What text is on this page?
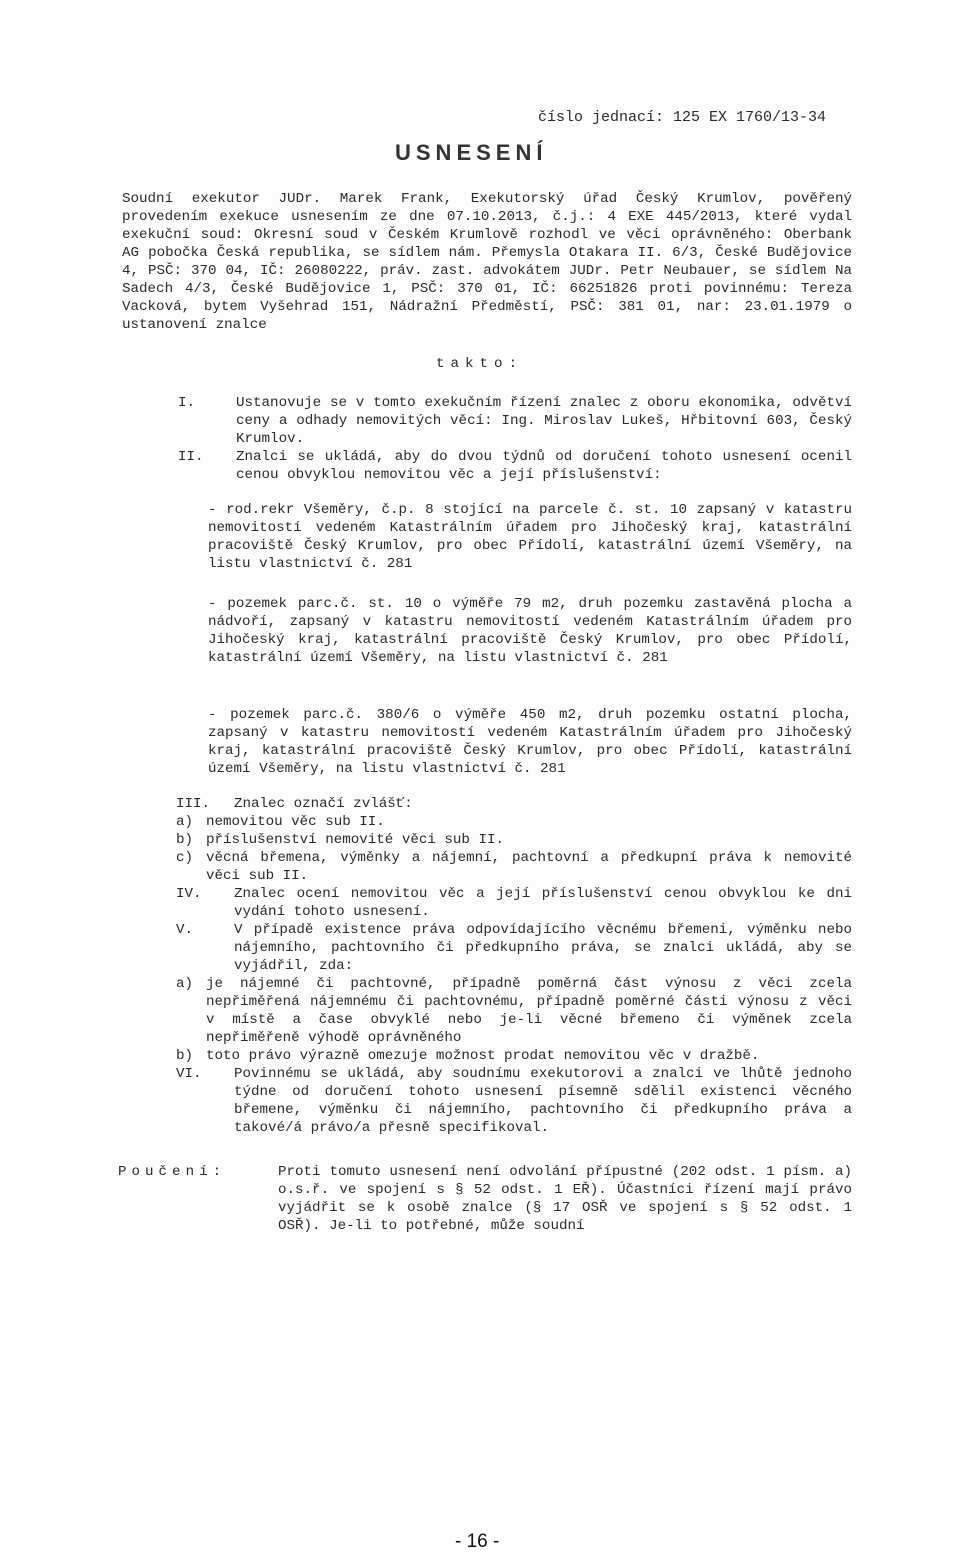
číslo jednací: 125 EX 1760/13-34
USNESENÍ

Soudní exekutor JUDr. Marek Frank, Exekutorský úřad Český Krumlov, pověřený provedením exekuce usnesením ze dne 07.10.2013, č.j.: 4 EXE 445/2013, které vydal exekuční soud: Okresní soud v Českém Krumlově rozhodl ve věci oprávněného: Oberbank AG pobočka Česká republika, se sídlem nám. Přemysla Otakara II. 6/3, České Budějovice 4, PSČ: 370 04, IČ: 26080222, práv. zast. advokátem JUDr. Petr Neubauer, se sídlem Na Sadech 4/3, České Budějovice 1, PSČ: 370 01, IČ: 66251826 proti povinnému: Tereza Vacková, bytem Vyšehrad 151, Nádražní Předměstí, PSČ: 381 01, nar: 23.01.1979 o ustanovení znalce

takto:
I.	Ustanovuje se v tomto exekučním řízení znalec z oboru ekonomika, odvětví ceny a odhady nemovitých věcí: Ing. Miroslav Lukeš, Hřbitovní 603, Český Krumlov.
II.	Znalci se ukládá, aby do dvou týdnů od doručení tohoto usnesení ocenil cenou obvyklou nemovitou věc a její příslušenství:

- rod.rekr Všeměry, č.p. 8 stojící na parcele č. st. 10 zapsaný v katastru nemovitostí vedeném Katastrálním úřadem pro Jihočeský kraj, katastrální pracoviště Český Krumlov, pro obec Přídolí, katastrální území Všeměry, na listu vlastnictví č. 281

- pozemek parc.č. st. 10 o výměře 79 m2, druh pozemku zastavěná plocha a nádvoří, zapsaný v katastru nemovitostí vedeném Katastrálním úřadem pro Jihočeský kraj, katastrální pracoviště Český Krumlov, pro obec Přídolí, katastrální území Všeměry, na listu vlastnictví č. 281

- pozemek parc.č. 380/6 o výměře 450 m2, druh pozemku ostatní plocha, zapsaný v katastru nemovitostí vedeném Katastrálním úřadem pro Jihočeský kraj, katastrální pracoviště Český Krumlov, pro obec Přídolí, katastrální území Všeměry, na listu vlastnictví č. 281

III.	Znalec označí zvlášť:
a) nemovitou věc sub II.
b) příslušenství nemovité věci sub II.
c) věcná břemena, výměnky a nájemní, pachtovní a předkupní práva k nemovité věci sub II.
IV.	Znalec ocení nemovitou věc a její příslušenství cenou obvyklou ke dni vydání tohoto usnesení.
V.	V případě existence práva odpovídajícího věcnému břemeni, výměnku nebo nájemního, pachtovního či předkupního práva, se znalci ukládá, aby se vyjádřil, zda:
a) je nájemné či pachtovné, případně poměrná část výnosu z věci zcela nepřiměřená nájemnému či pachtovnému, případně poměrné části výnosu z věci v místě a čase obvyklé nebo je-li věcné břemeno či výměnek zcela nepřiměřeně výhodě oprávněného
b) toto právo výrazně omezuje možnost prodat nemovitou věc v dražbě.
VI.	Povinnému se ukládá, aby soudnímu exekutorovi a znalci ve lhůtě jednoho týdne od doručení tohoto usnesení písemně sdělil existenci věcného břemene, výměnku či nájemního, pachtovního či předkupního práva a takové/á právo/a přesně specifikoval.
Poučení:	Proti tomuto usnesení není odvolání přípustné (202 odst. 1 písm. a) o.s.ř. ve spojení s § 52 odst. 1 EŘ). Účastníci řízení mají právo vyjádřit se k osobě znalce (§ 17 OSŘ ve spojení s § 52 odst. 1 OSŘ). Je-li to potřebné, může soudní

- 16 -
